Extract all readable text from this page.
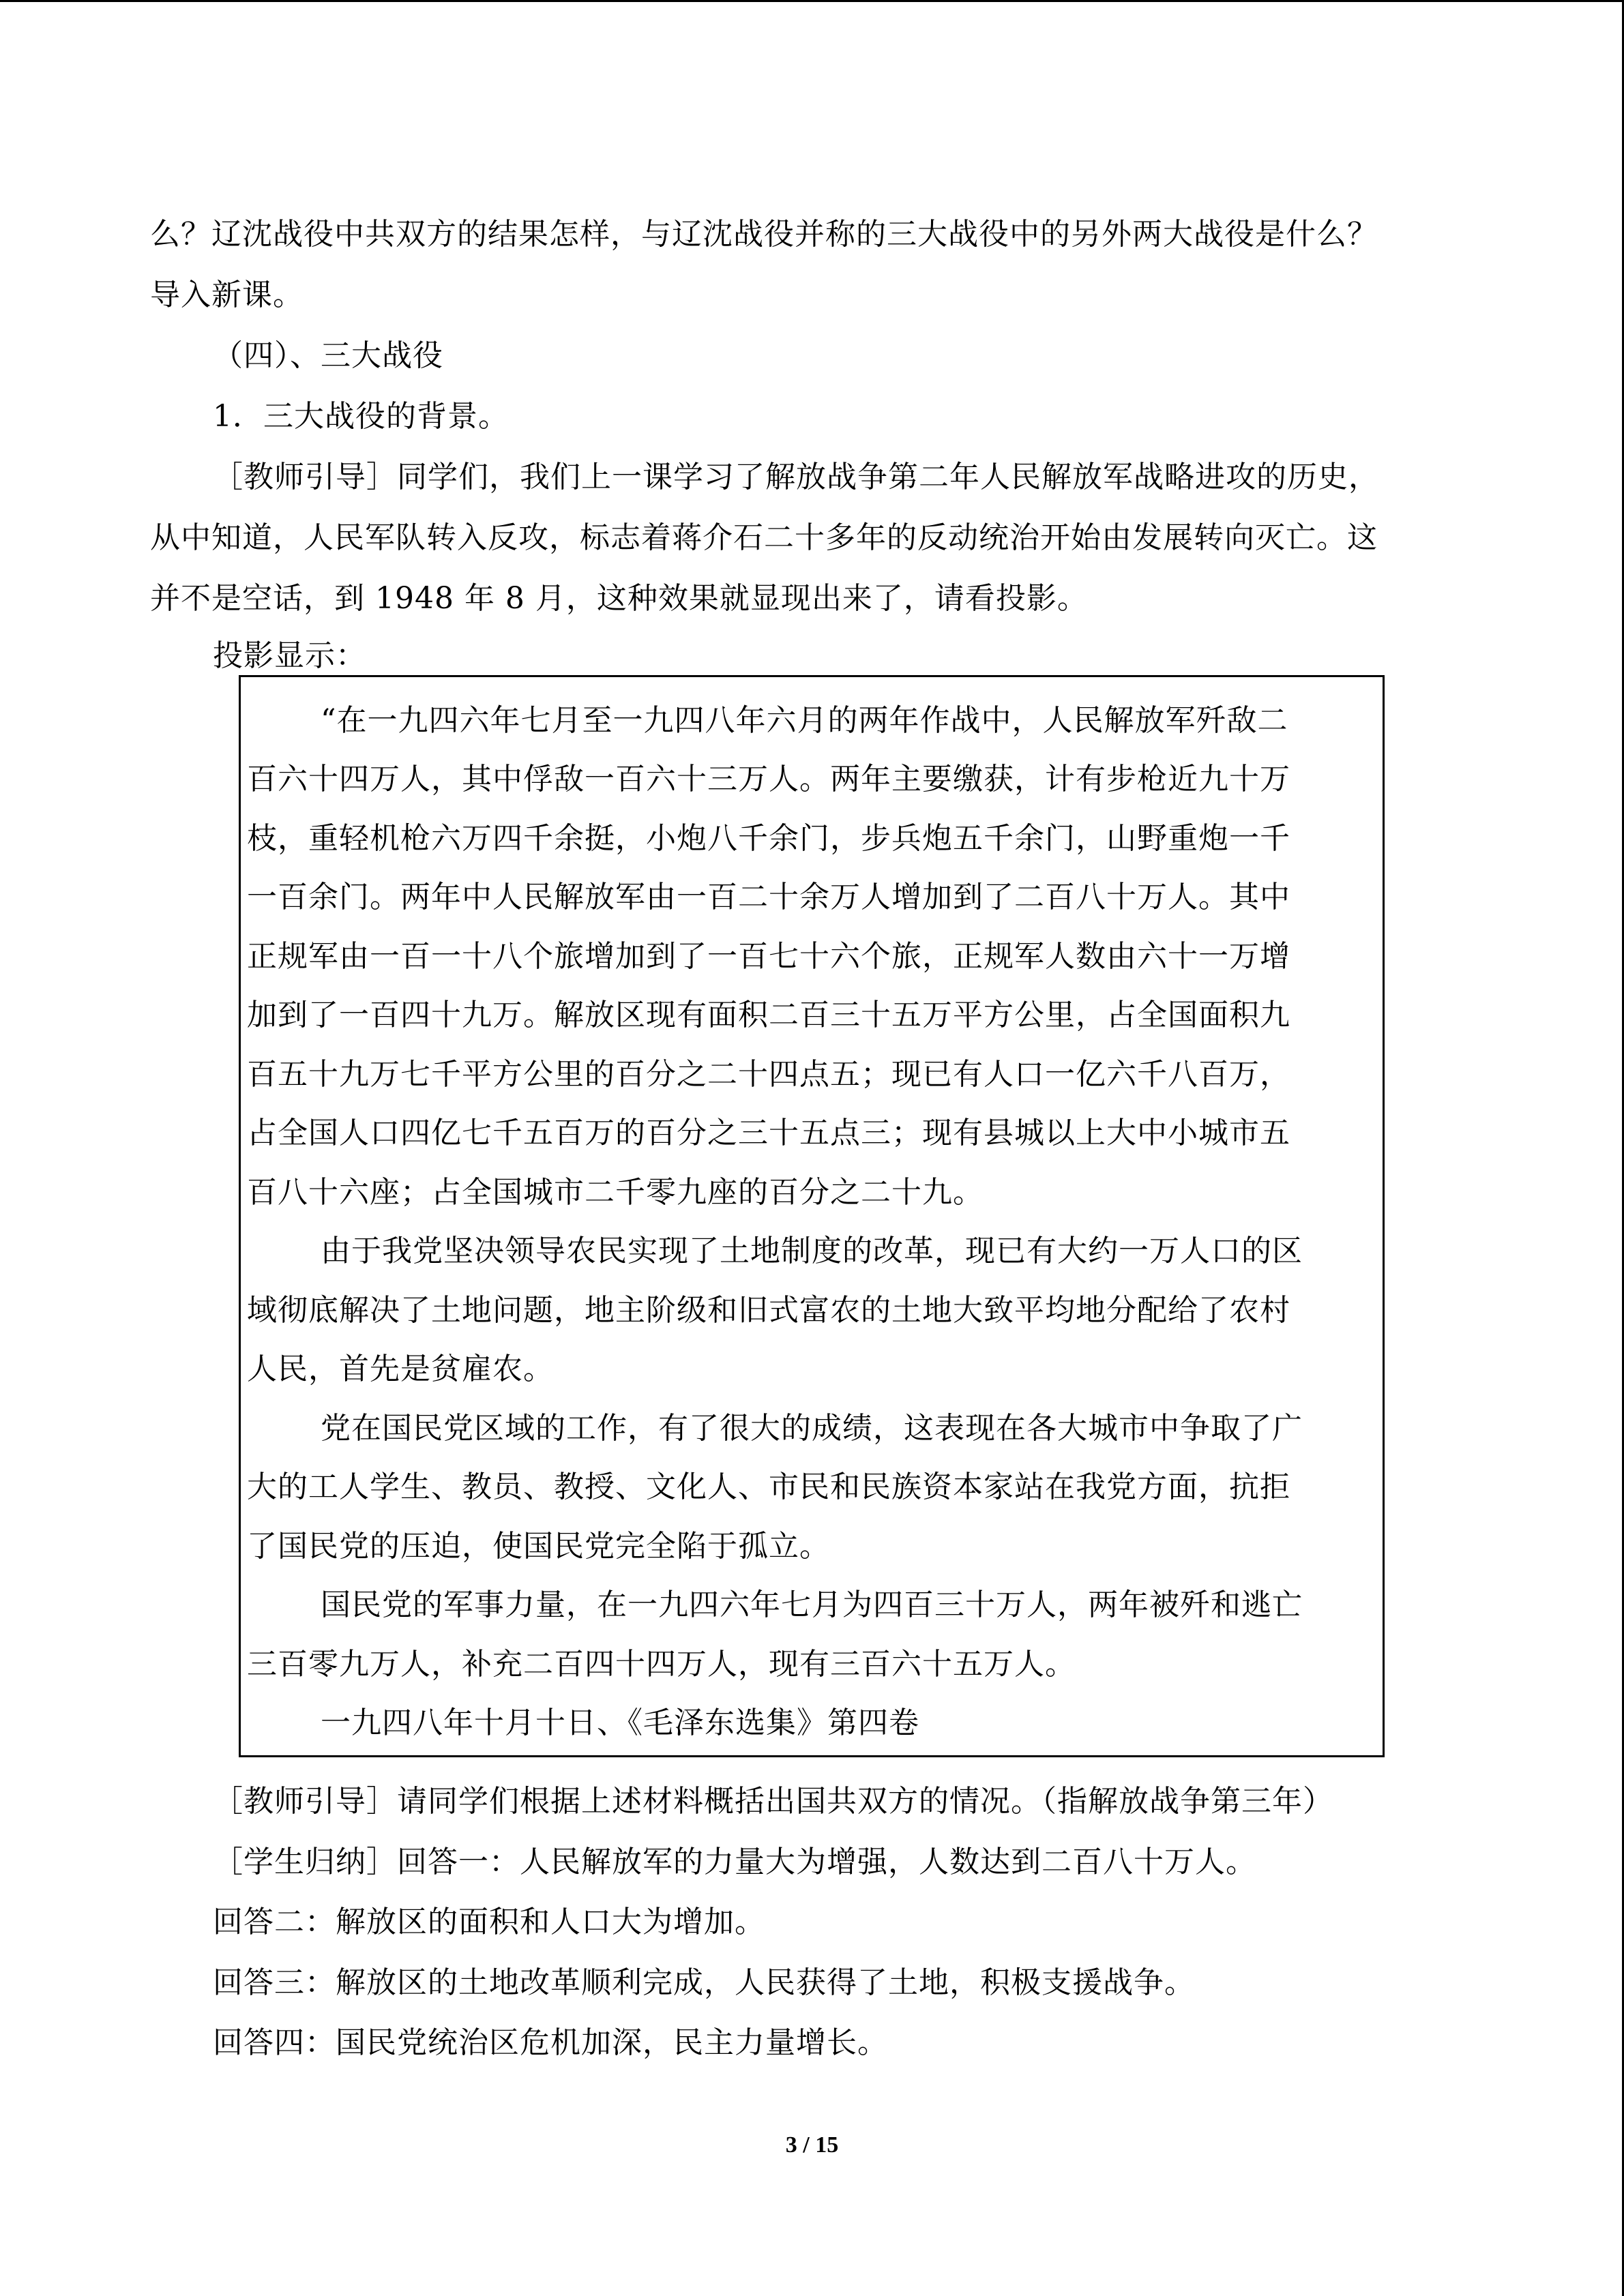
么？辽沈战役中共双方的结果怎样，与辽沈战役并称的三大战役中的另外两大战役是什么？
导入新课。
（四）、三大战役
1．三大战役的背景。
［教师引导］同学们，我们上一课学习了解放战争第二年人民解放军战略进攻的历史，
从中知道，人民军队转入反攻，标志着蒋介石二十多年的反动统治开始由发展转向灭亡。这
并不是空话，到 1948 年 8 月，这种效果就显现出来了，请看投影。
投影显示：
“在一九四六年七月至一九四八年六月的两年作战中，人民解放军歼敌二
百六十四万人，其中俘敌一百六十三万人。两年主要缴获，计有步枪近九十万
枝，重轻机枪六万四千余挺，小炮八千余门，步兵炮五千余门，山野重炮一千
一百余门。两年中人民解放军由一百二十余万人增加到了二百八十万人。其中
正规军由一百一十八个旅增加到了一百七十六个旅，正规军人数由六十一万增
加到了一百四十九万。解放区现有面积二百三十五万平方公里，占全国面积九
百五十九万七千平方公里的百分之二十四点五；现已有人口一亿六千八百万，
占全国人口四亿七千五百万的百分之三十五点三；现有县城以上大中小城市五
百八十六座；占全国城市二千零九座的百分之二十九。
由于我党坚决领导农民实现了土地制度的改革，现已有大约一万人口的区
域彻底解决了土地问题，地主阶级和旧式富农的土地大致平均地分配给了农村
人民，首先是贫雇农。
党在国民党区域的工作，有了很大的成绩，这表现在各大城市中争取了广
大的工人学生、教员、教授、文化人、市民和民族资本家站在我党方面，抗拒
了国民党的压迫，使国民党完全陷于孤立。
国民党的军事力量，在一九四六年七月为四百三十万人，两年被歼和逃亡
三百零九万人，补充二百四十四万人，现有三百六十五万人。
一九四八年十月十日、《毛泽东选集》第四卷
［教师引导］请同学们根据上述材料概括出国共双方的情况。（指解放战争第三年）
［学生归纳］回答一：人民解放军的力量大为增强，人数达到二百八十万人。
回答二：解放区的面积和人口大为增加。
回答三：解放区的土地改革顺利完成，人民获得了土地，积极支援战争。
回答四：国民党统治区危机加深，民主力量增长。
3 / 15
